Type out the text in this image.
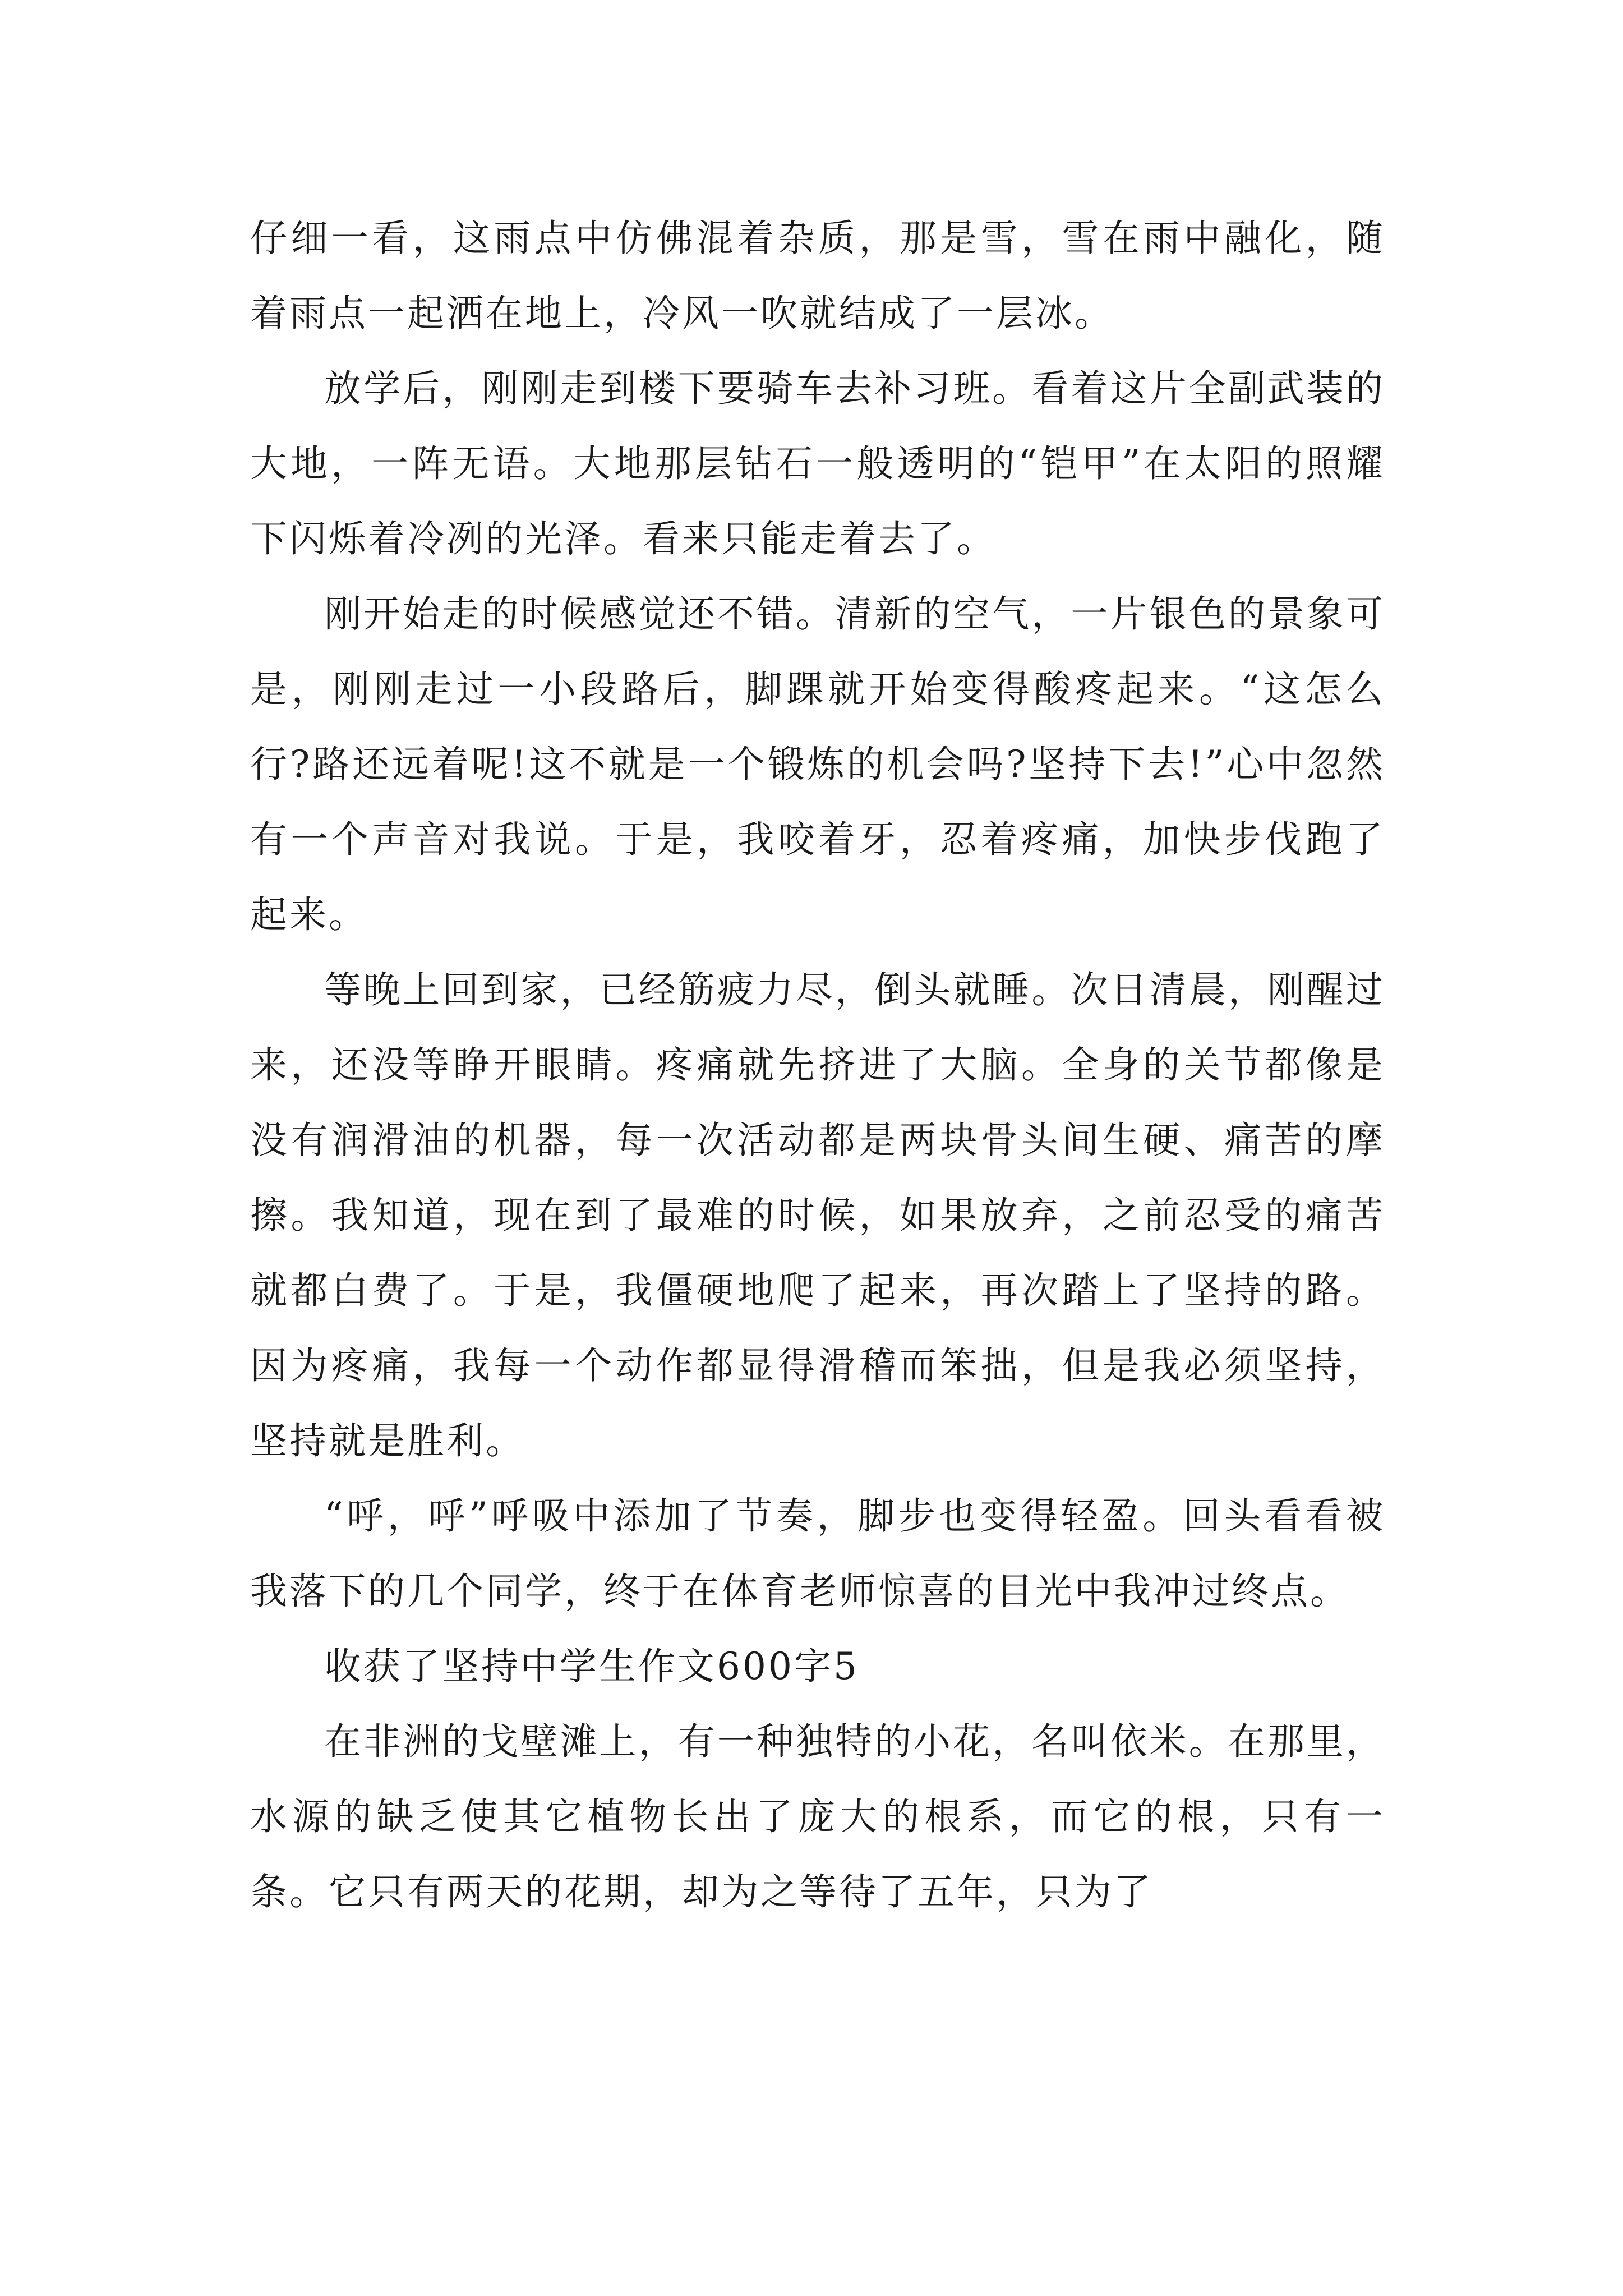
仔细一看，这雨点中仿佛混着杂质，那是雪，雪在雨中融化，随着雨点一起洒在地上，冷风一吹就结成了一层冰。

放学后，刚刚走到楼下要骑车去补习班。看着这片全副武装的大地，一阵无语。大地那层钻石一般透明的“铠甲”在太阳的照耀下闪烁着冷冽的光泽。看来只能走着去了。

刚开始走的时候感觉还不错。清新的空气，一片银色的景象可是，刚刚走过一小段路后，脚踝就开始变得酸疼起来。“这怎么行?路还远着呢!这不就是一个锻炼的机会吗?坚持下去!”心中忽然有一个声音对我说。于是，我咬着牙，忍着疼痛，加快步伐跑了起来。

等晚上回到家，已经筋疲力尽，倒头就睡。次日清晨，刚醒过来，还没等睁开眼睛。疼痛就先挤进了大脑。全身的关节都像是没有润滑油的机器，每一次活动都是两块骨头间生硬、痛苦的摩擦。我知道，现在到了最难的时候，如果放弃，之前忍受的痛苦就都白费了。于是，我僵硬地爬了起来，再次踏上了坚持的路。因为疼痛，我每一个动作都显得滑稽而笨拙，但是我必须坚持，坚持就是胜利。

“呼，呼”呼吸中添加了节奏，脚步也变得轻盈。回头看看被我落下的几个同学，终于在体育老师惊喜的目光中我冲过终点。

收获了坚持中学生作文600字5

在非洲的戈壁滩上，有一种独特的小花，名叫依米。在那里，水源的缺乏使其它植物长出了庞大的根系，而它的根，只有一条。它只有两天的花期，却为之等待了五年，只为了
